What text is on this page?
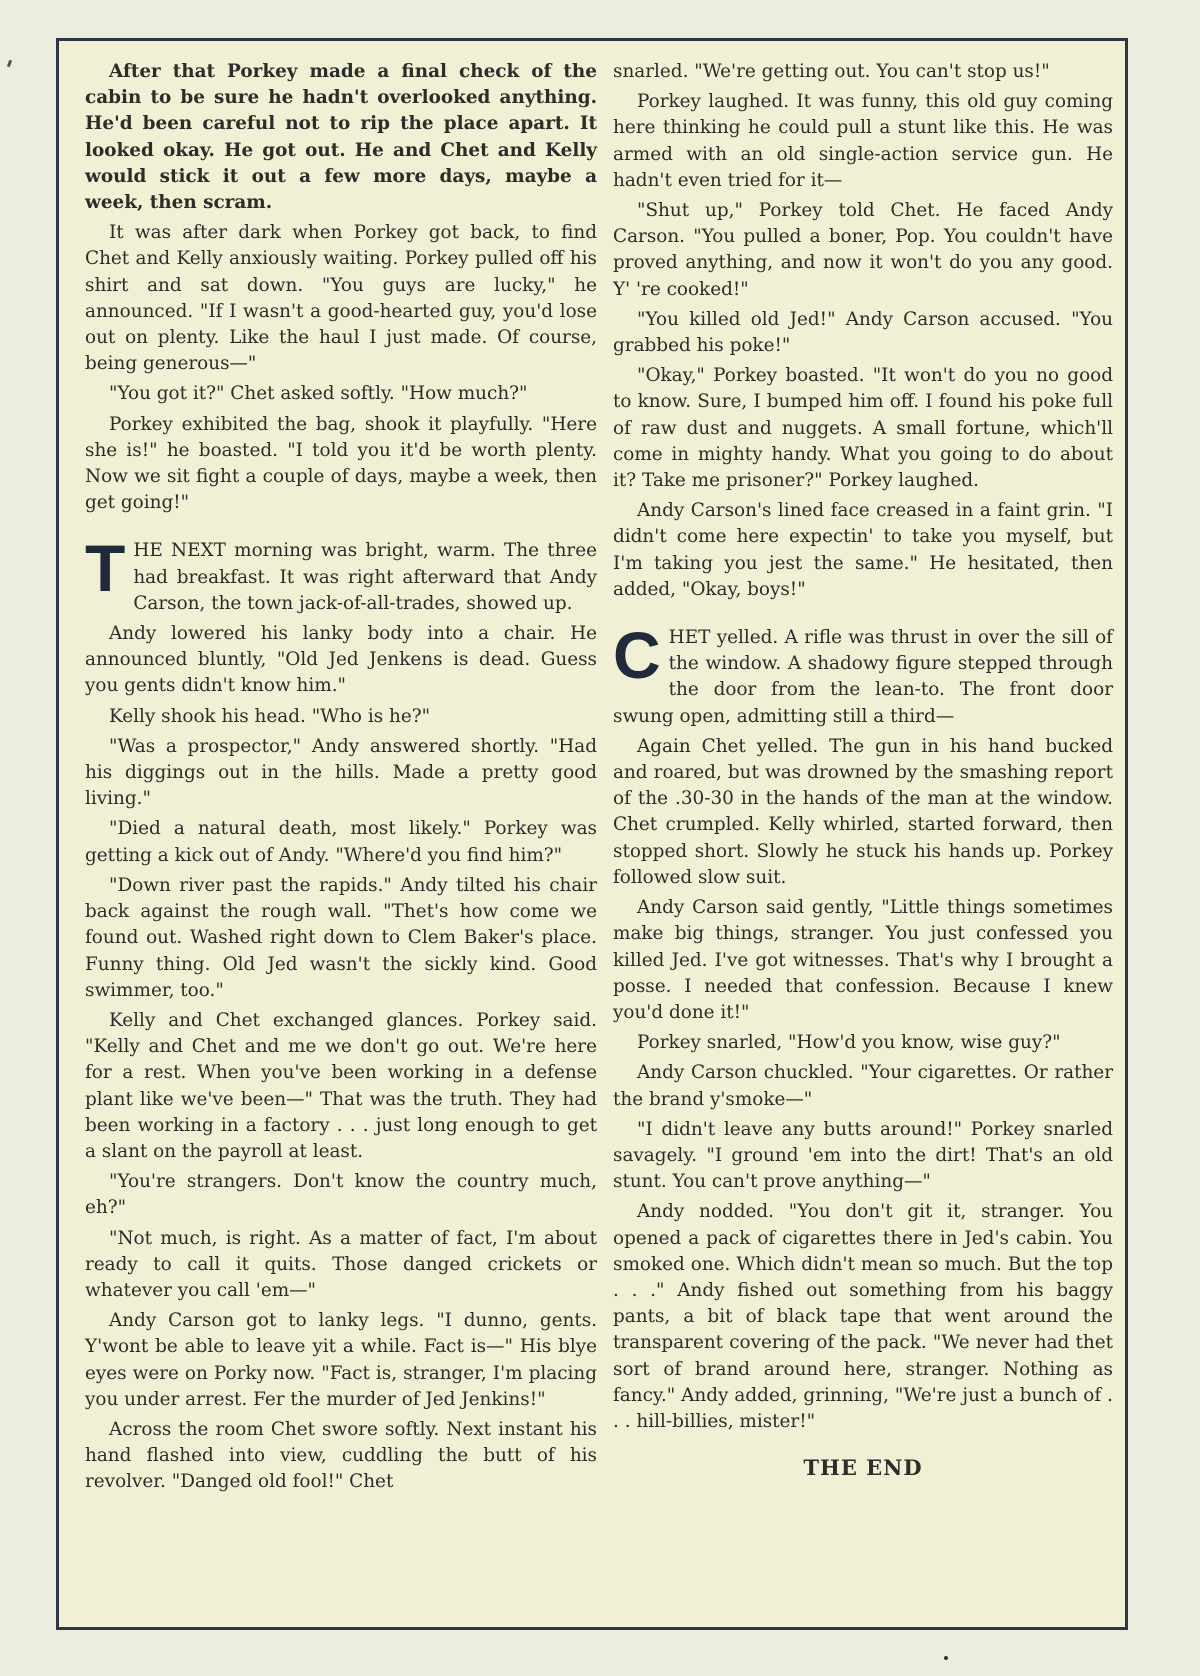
After that Porkey made a final check of the cabin to be sure he hadn't overlooked anything. He'd been careful not to rip the place apart. It looked okay. He got out. He and Chet and Kelly would stick it out a few more days, maybe a week, then scram.

It was after dark when Porkey got back, to find Chet and Kelly anxiously waiting. Porkey pulled off his shirt and sat down. "You guys are lucky," he announced. "If I wasn't a good-hearted guy, you'd lose out on plenty. Like the haul I just made. Of course, being generous—"

"You got it?" Chet asked softly. "How much?"

Porkey exhibited the bag, shook it playfully. "Here she is!" he boasted. "I told you it'd be worth plenty. Now we sit fight a couple of days, maybe a week, then get going!"

T HE NEXT morning was bright, warm. The three had breakfast. It was right afterward that Andy Carson, the town jack-of-all-trades, showed up.

Andy lowered his lanky body into a chair. He announced bluntly, "Old Jed Jenkens is dead. Guess you gents didn't know him."

Kelly shook his head. "Who is he?"

"Was a prospector," Andy answered shortly. "Had his diggings out in the hills. Made a pretty good living."

"Died a natural death, most likely." Porkey was getting a kick out of Andy. "Where'd you find him?"

"Down river past the rapids." Andy tilted his chair back against the rough wall. "Thet's how come we found out. Washed right down to Clem Baker's place. Funny thing. Old Jed wasn't the sickly kind. Good swimmer, too."

Kelly and Chet exchanged glances. Porkey said. "Kelly and Chet and me we don't go out. We're here for a rest. When you've been working in a defense plant like we've been—" That was the truth. They had been working in a factory . . . just long enough to get a slant on the payroll at least.

"You're strangers. Don't know the country much, eh?"

"Not much, is right. As a matter of fact, I'm about ready to call it quits. Those danged crickets or whatever you call 'em—"

Andy Carson got to lanky legs. "I dunno, gents. Y'wont be able to leave yit a while. Fact is—" His blye eyes were on Porky now. "Fact is, stranger, I'm placing you under arrest. Fer the murder of Jed Jenkins!"

Across the room Chet swore softly. Next instant his hand flashed into view, cuddling the butt of his revolver. "Danged old fool!" Chet

snarled. "We're getting out. You can't stop us!"

Porkey laughed. It was funny, this old guy coming here thinking he could pull a stunt like this. He was armed with an old single-action service gun. He hadn't even tried for it—

"Shut up," Porkey told Chet. He faced Andy Carson. "You pulled a boner, Pop. You couldn't have proved anything, and now it won't do you any good. Y' 're cooked!"

"You killed old Jed!" Andy Carson accused. "You grabbed his poke!"

"Okay," Porkey boasted. "It won't do you no good to know. Sure, I bumped him off. I found his poke full of raw dust and nuggets. A small fortune, which'll come in mighty handy. What you going to do about it? Take me prisoner?" Porkey laughed.

Andy Carson's lined face creased in a faint grin. "I didn't come here expectin' to take you myself, but I'm taking you jest the same." He hesitated, then added, "Okay, boys!"

C HET yelled. A rifle was thrust in over the sill of the window. A shadowy figure stepped through the door from the lean-to. The front door swung open, admitting still a third—

Again Chet yelled. The gun in his hand bucked and roared, but was drowned by the smashing report of the .30-30 in the hands of the man at the window. Chet crumpled. Kelly whirled, started forward, then stopped short. Slowly he stuck his hands up. Porkey followed slow suit.

Andy Carson said gently, "Little things sometimes make big things, stranger. You just confessed you killed Jed. I've got witnesses. That's why I brought a posse. I needed that confession. Because I knew you'd done it!"

Porkey snarled, "How'd you know, wise guy?"

Andy Carson chuckled. "Your cigarettes. Or rather the brand y'smoke—"

"I didn't leave any butts around!" Porkey snarled savagely. "I ground 'em into the dirt! That's an old stunt. You can't prove anything—"

Andy nodded. "You don't git it, stranger. You opened a pack of cigarettes there in Jed's cabin. You smoked one. Which didn't mean so much. But the top . . ." Andy fished out something from his baggy pants, a bit of black tape that went around the transparent covering of the pack. "We never had thet sort of brand around here, stranger. Nothing as fancy." Andy added, grinning, "We're just a bunch of . . . hill-billies, mister!"

THE END
